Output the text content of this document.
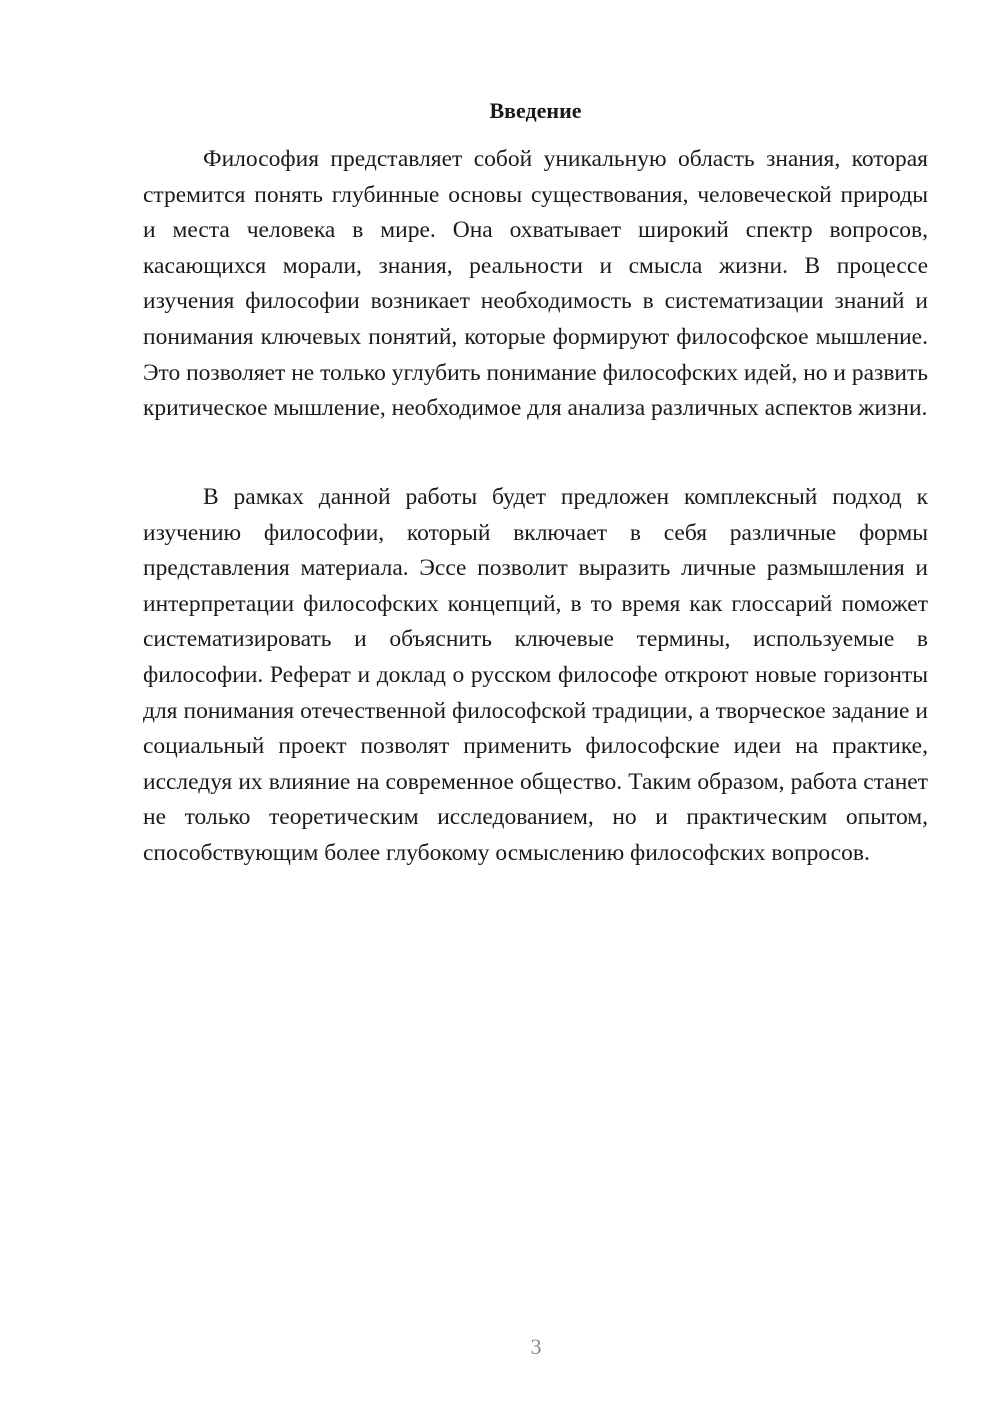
Введение

Философия представляет собой уникальную область знания, которая стремится понять глубинные основы существования, человеческой природы и места человека в мире. Она охватывает широкий спектр вопросов, касающихся морали, знания, реальности и смысла жизни. В процессе изучения философии возникает необходимость в систематизации знаний и понимания ключевых понятий, которые формируют философское мышление. Это позволяет не только углубить понимание философских идей, но и развить критическое мышление, необходимое для анализа различных аспектов жизни.

В рамках данной работы будет предложен комплексный подход к изучению философии, который включает в себя различные формы представления материала. Эссе позволит выразить личные размышления и интерпретации философских концепций, в то время как глоссарий поможет систематизировать и объяснить ключевые термины, используемые в философии. Реферат и доклад о русском философе откроют новые горизонты для понимания отечественной философской традиции, а творческое задание и социальный проект позволят применить философские идеи на практике, исследуя их влияние на современное общество. Таким образом, работа станет не только теоретическим исследованием, но и практическим опытом, способствующим более глубокому осмыслению философских вопросов.

3
